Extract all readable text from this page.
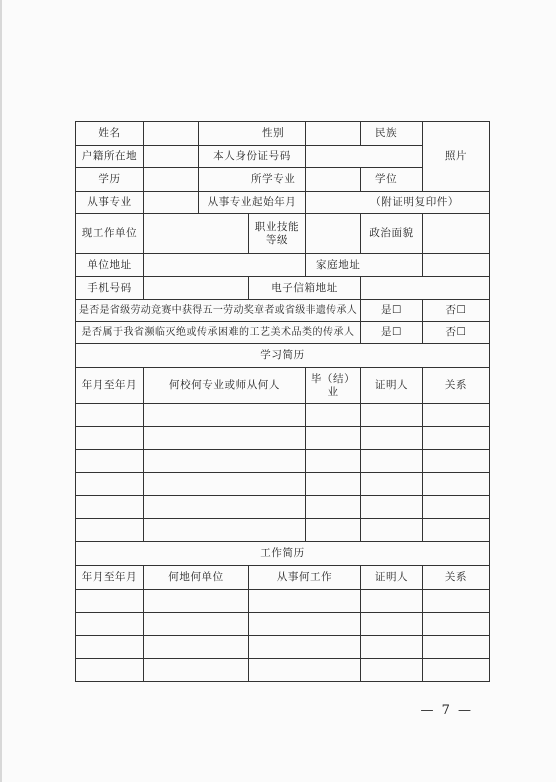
姓名		性别			民族	照片
户籍所在地		本人身份证号码				
学历		所学专业			学位	
从事专业		从事专业起始年月		（附证明复印件）		
现工作单位			职业技能等级		政治面貌	
单位地址				家庭地址		
手机号码			电子信箱地址			
是否是省级劳动竞赛中获得五一劳动奖章者或省级非遗传承人					是☐	否☐
是否属于我省濒临灭绝或传承困难的工艺美术品类的传承人					是☐	否☐
学习简历						
年月至年月	何校何专业或师从何人			毕（结）业	证明人	关系

工作简历						
年月至年月	何地何单位		从事何工作		证明人	关系

— 7 —
